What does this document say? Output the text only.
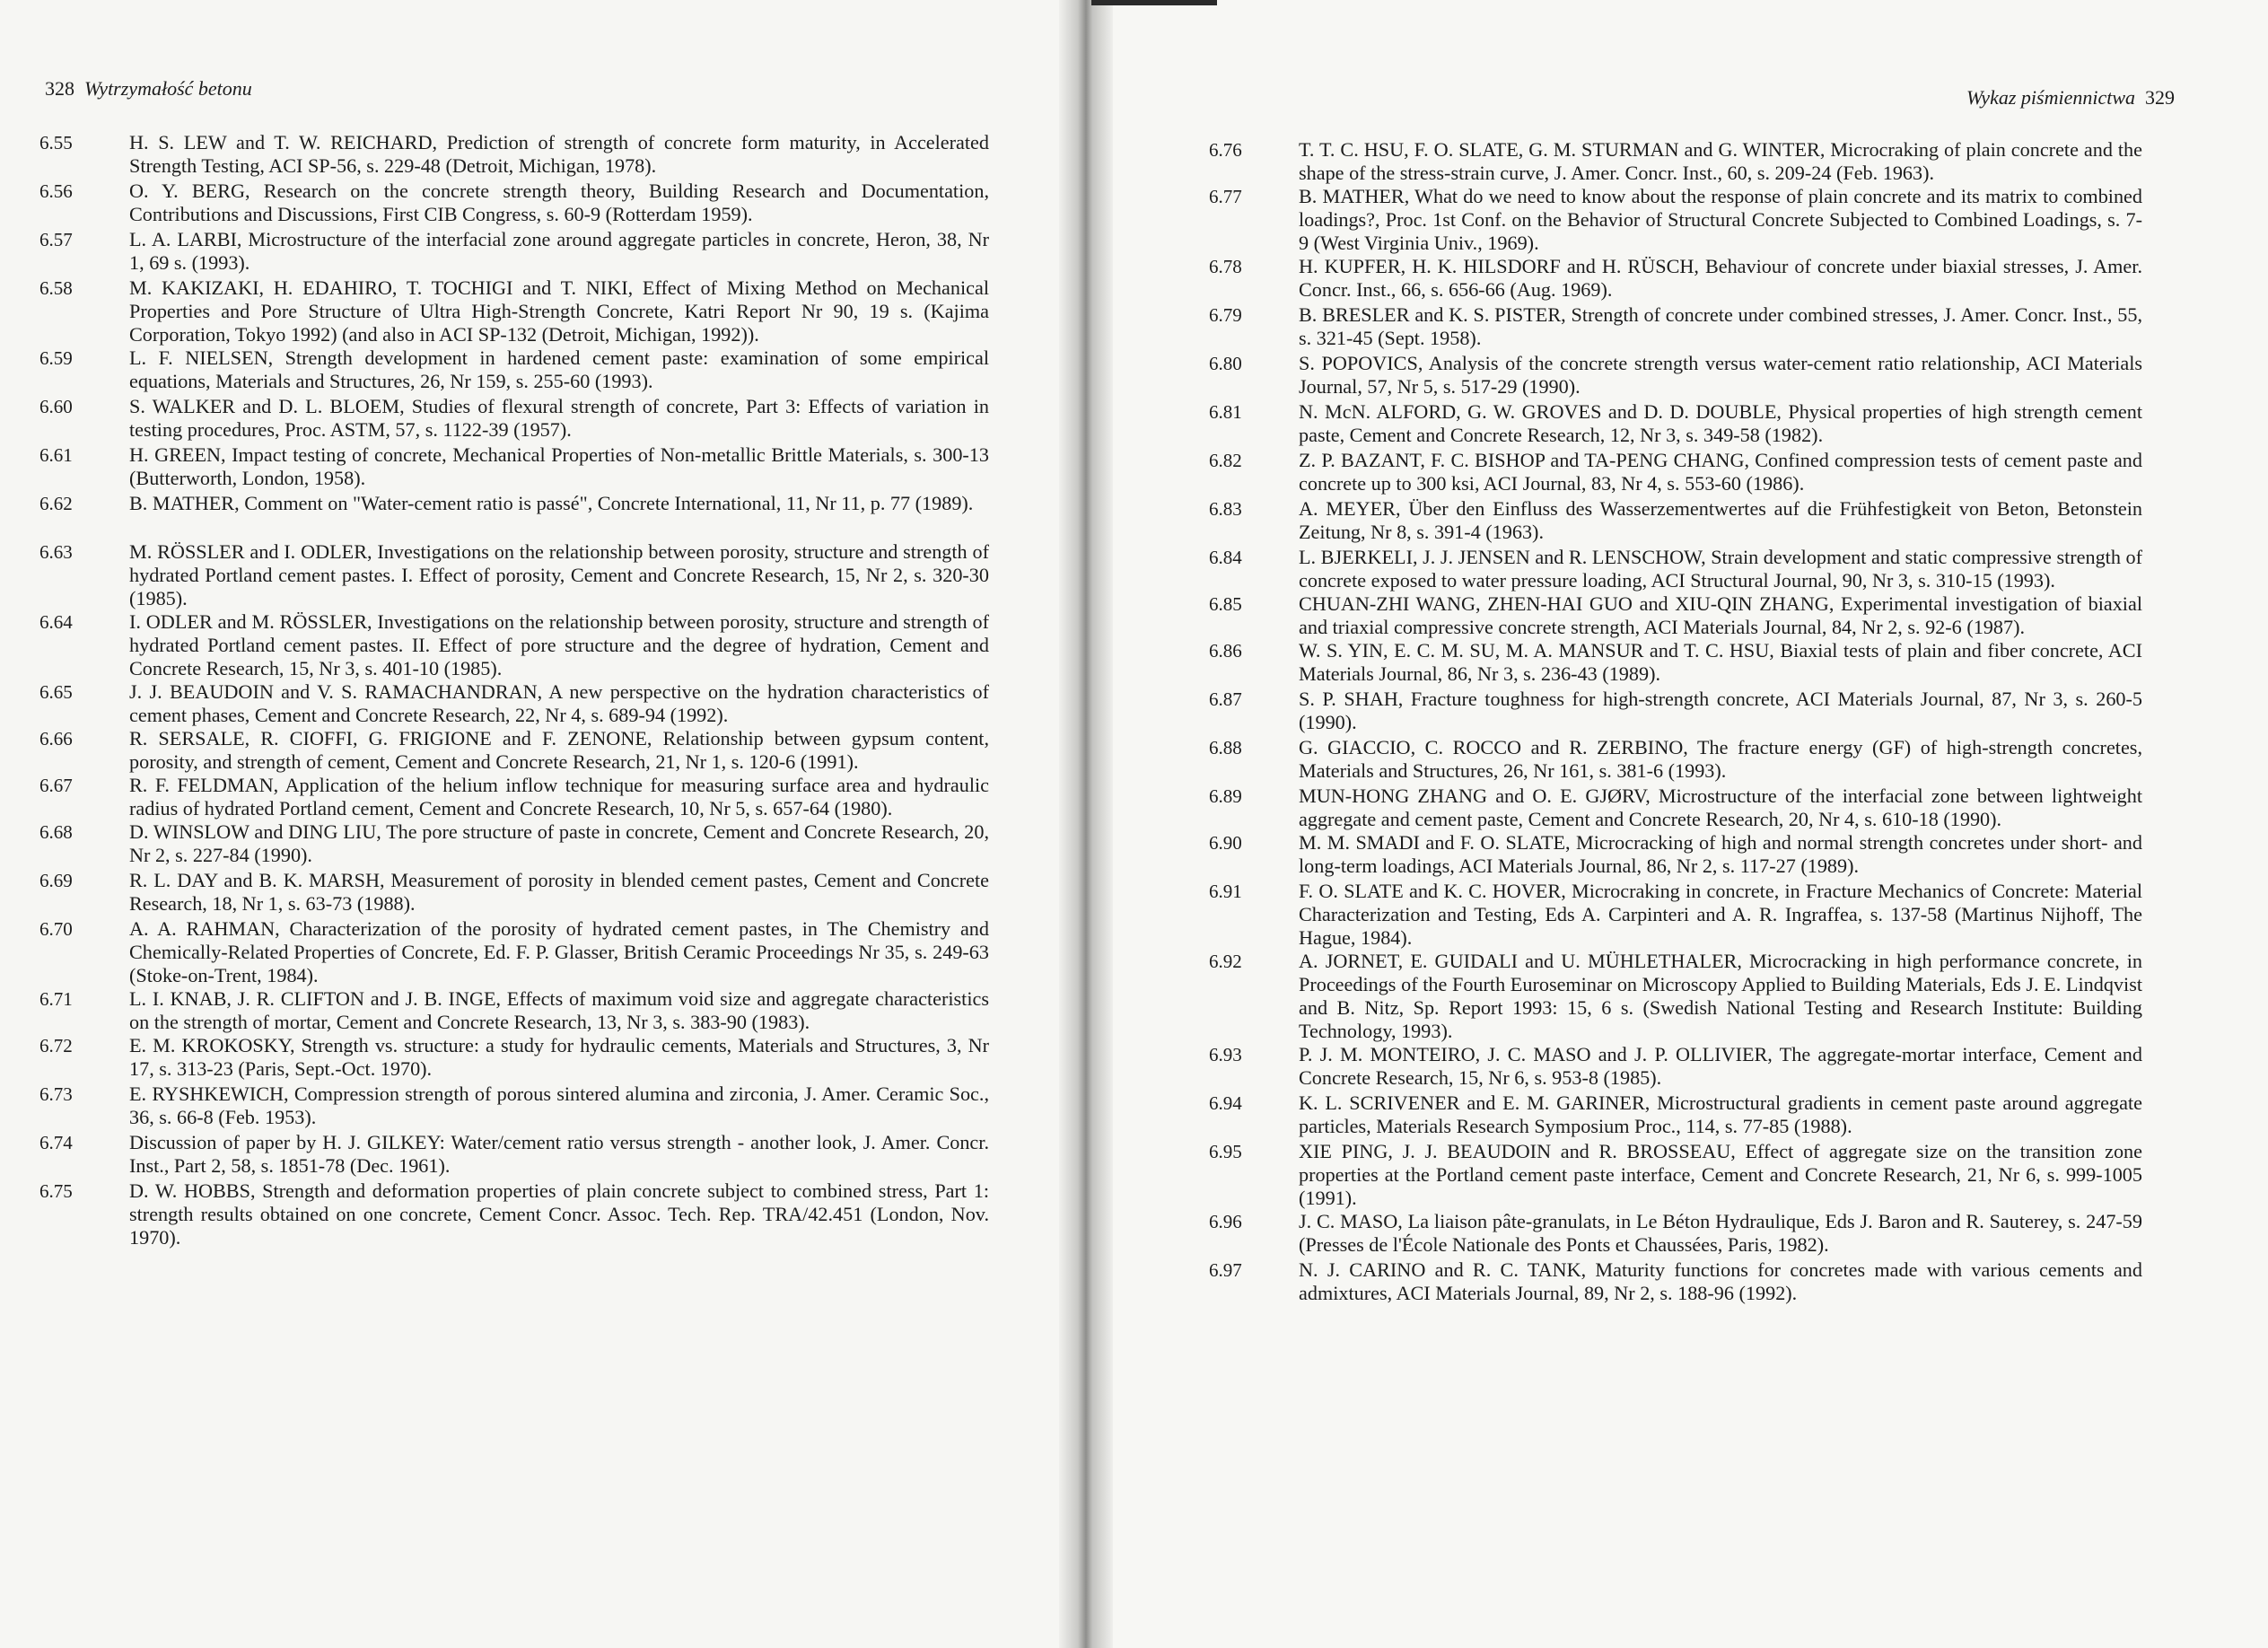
328 Wytrzymałość betonu

6.55	H. S. LEW and T. W. REICHARD, Prediction of strength of concrete form maturity, in Accelerated Strength Testing, ACI SP-56, s. 229-48 (Detroit, Michigan, 1978).

6.56	O. Y. BERG, Research on the concrete strength theory, Building Research and Documentation, Contributions and Discussions, First CIB Congress, s. 60-9 (Rotterdam 1959).

6.57	L. A. LARBI, Microstructure of the interfacial zone around aggregate particles in concrete, Heron, 38, Nr 1, 69 s. (1993).

6.58	M. KAKIZAKI, H. EDAHIRO, T. TOCHIGI and T. NIKI, Effect of Mixing Method on Mechanical Properties and Pore Structure of Ultra High-Strength Concrete, Katri Report Nr 90, 19 s. (Kajima Corporation, Tokyo 1992) (and also in ACI SP-132 (Detroit, Michigan, 1992)).

6.59	L. F. NIELSEN, Strength development in hardened cement paste: examination of some empirical equations, Materials and Structures, 26, Nr 159, s. 255-60 (1993).

6.60	S. WALKER and D. L. BLOEM, Studies of flexural strength of concrete, Part 3: Effects of variation in testing procedures, Proc. ASTM, 57, s. 1122-39 (1957).

6.61	H. GREEN, Impact testing of concrete, Mechanical Properties of Non-metallic Brittle Materials, s. 300-13 (Butterworth, London, 1958).

6.62	B. MATHER, Comment on "Water-cement ratio is passé", Concrete International, 11, Nr 11, p. 77 (1989).

6.63	M. RÖSSLER and I. ODLER, Investigations on the relationship between porosity, structure and strength of hydrated Portland cement pastes. I. Effect of porosity, Cement and Concrete Research, 15, Nr 2, s. 320-30 (1985).

6.64	I. ODLER and M. RÖSSLER, Investigations on the relationship between porosity, structure and strength of hydrated Portland cement pastes. II. Effect of pore structure and the degree of hydration, Cement and Concrete Research, 15, Nr 3, s. 401-10 (1985).

6.65	J. J. BEAUDOIN and V. S. RAMACHANDRAN, A new perspective on the hydration characteristics of cement phases, Cement and Concrete Research, 22, Nr 4, s. 689-94 (1992).

6.66	R. SERSALE, R. CIOFFI, G. FRIGIONE and F. ZENONE, Relationship between gypsum content, porosity, and strength of cement, Cement and Concrete Research, 21, Nr 1, s. 120-6 (1991).

6.67	R. F. FELDMAN, Application of the helium inflow technique for measuring surface area and hydraulic radius of hydrated Portland cement, Cement and Concrete Research, 10, Nr 5, s. 657-64 (1980).

6.68	D. WINSLOW and DING LIU, The pore structure of paste in concrete, Cement and Concrete Research, 20, Nr 2, s. 227-84 (1990).

6.69	R. L. DAY and B. K. MARSH, Measurement of porosity in blended cement pastes, Cement and Concrete Research, 18, Nr 1, s. 63-73 (1988).

6.70	A. A. RAHMAN, Characterization of the porosity of hydrated cement pastes, in The Chemistry and Chemically-Related Properties of Concrete, Ed. F. P. Glasser, British Ceramic Proceedings Nr 35, s. 249-63 (Stoke-on-Trent, 1984).

6.71	L. I. KNAB, J. R. CLIFTON and J. B. INGE, Effects of maximum void size and aggregate characteristics on the strength of mortar, Cement and Concrete Research, 13, Nr 3, s. 383-90 (1983).

6.72	E. M. KROKOSKY, Strength vs. structure: a study for hydraulic cements, Materials and Structures, 3, Nr 17, s. 313-23 (Paris, Sept.-Oct. 1970).

6.73	E. RYSHKEWICH, Compression strength of porous sintered alumina and zirconia, J. Amer. Ceramic Soc., 36, s. 66-8 (Feb. 1953).

6.74	Discussion of paper by H. J. GILKEY: Water/cement ratio versus strength - another look, J. Amer. Concr. Inst., Part 2, 58, s. 1851-78 (Dec. 1961).

6.75	D. W. HOBBS, Strength and deformation properties of plain concrete subject to combined stress, Part 1: strength results obtained on one concrete, Cement Concr. Assoc. Tech. Rep. TRA/42.451 (London, Nov. 1970).

Wykaz piśmiennictwa 329

6.76	T. T. C. HSU, F. O. SLATE, G. M. STURMAN and G. WINTER, Microcraking of plain concrete and the shape of the stress-strain curve, J. Amer. Concr. Inst., 60, s. 209-24 (Feb. 1963).

6.77	B. MATHER, What do we need to know about the response of plain concrete and its matrix to combined loadings?, Proc. 1st Conf. on the Behavior of Structural Concrete Subjected to Combined Loadings, s. 7-9 (West Virginia Univ., 1969).

6.78	H. KUPFER, H. K. HILSDORF and H. RÜSCH, Behaviour of concrete under biaxial stresses, J. Amer. Concr. Inst., 66, s. 656-66 (Aug. 1969).

6.79	B. BRESLER and K. S. PISTER, Strength of concrete under combined stresses, J. Amer. Concr. Inst., 55, s. 321-45 (Sept. 1958).

6.80	S. POPOVICS, Analysis of the concrete strength versus water-cement ratio relationship, ACI Materials Journal, 57, Nr 5, s. 517-29 (1990).

6.81	N. McN. ALFORD, G. W. GROVES and D. D. DOUBLE, Physical properties of high strength cement paste, Cement and Concrete Research, 12, Nr 3, s. 349-58 (1982).

6.82	Z. P. BAZANT, F. C. BISHOP and TA-PENG CHANG, Confined compression tests of cement paste and concrete up to 300 ksi, ACI Journal, 83, Nr 4, s. 553-60 (1986).

6.83	A. MEYER, Über den Einfluss des Wasserzementwertes auf die Frühfestigkeit von Beton, Betonstein Zeitung, Nr 8, s. 391-4 (1963).

6.84	L. BJERKELI, J. J. JENSEN and R. LENSCHOW, Strain development and static compressive strength of concrete exposed to water pressure loading, ACI Structural Journal, 90, Nr 3, s. 310-15 (1993).

6.85	CHUAN-ZHI WANG, ZHEN-HAI GUO and XIU-QIN ZHANG, Experimental investigation of biaxial and triaxial compressive concrete strength, ACI Materials Journal, 84, Nr 2, s. 92-6 (1987).

6.86	W. S. YIN, E. C. M. SU, M. A. MANSUR and T. C. HSU, Biaxial tests of plain and fiber concrete, ACI Materials Journal, 86, Nr 3, s. 236-43 (1989).

6.87	S. P. SHAH, Fracture toughness for high-strength concrete, ACI Materials Journal, 87, Nr 3, s. 260-5 (1990).

6.88	G. GIACCIO, C. ROCCO and R. ZERBINO, The fracture energy (GF) of high-strength concretes, Materials and Structures, 26, Nr 161, s. 381-6 (1993).

6.89	MUN-HONG ZHANG and O. E. GJØRV, Microstructure of the interfacial zone between lightweight aggregate and cement paste, Cement and Concrete Research, 20, Nr 4, s. 610-18 (1990).

6.90	M. M. SMADI and F. O. SLATE, Microcracking of high and normal strength concretes under short- and long-term loadings, ACI Materials Journal, 86, Nr 2, s. 117-27 (1989).

6.91	F. O. SLATE and K. C. HOVER, Microcraking in concrete, in Fracture Mechanics of Concrete: Material Characterization and Testing, Eds A. Carpinteri and A. R. Ingraffea, s. 137-58 (Martinus Nijhoff, The Hague, 1984).

6.92	A. JORNET, E. GUIDALI and U. MÜHLETHALER, Microcracking in high performance concrete, in Proceedings of the Fourth Euroseminar on Microscopy Applied to Building Materials, Eds J. E. Lindqvist and B. Nitz, Sp. Report 1993: 15, 6 s. (Swedish National Testing and Research Institute: Building Technology, 1993).

6.93	P. J. M. MONTEIRO, J. C. MASO and J. P. OLLIVIER, The aggregate-mortar interface, Cement and Concrete Research, 15, Nr 6, s. 953-8 (1985).

6.94	K. L. SCRIVENER and E. M. GARINER, Microstructural gradients in cement paste around aggregate particles, Materials Research Symposium Proc., 114, s. 77-85 (1988).

6.95	XIE PING, J. J. BEAUDOIN and R. BROSSEAU, Effect of aggregate size on the transition zone properties at the Portland cement paste interface, Cement and Concrete Research, 21, Nr 6, s. 999-1005 (1991).

6.96	J. C. MASO, La liaison pâte-granulats, in Le Béton Hydraulique, Eds J. Baron and R. Sauterey, s. 247-59 (Presses de l'École Nationale des Ponts et Chaussées, Paris, 1982).

6.97	N. J. CARINO and R. C. TANK, Maturity functions for concretes made with various cements and admixtures, ACI Materials Journal, 89, Nr 2, s. 188-96 (1992).
